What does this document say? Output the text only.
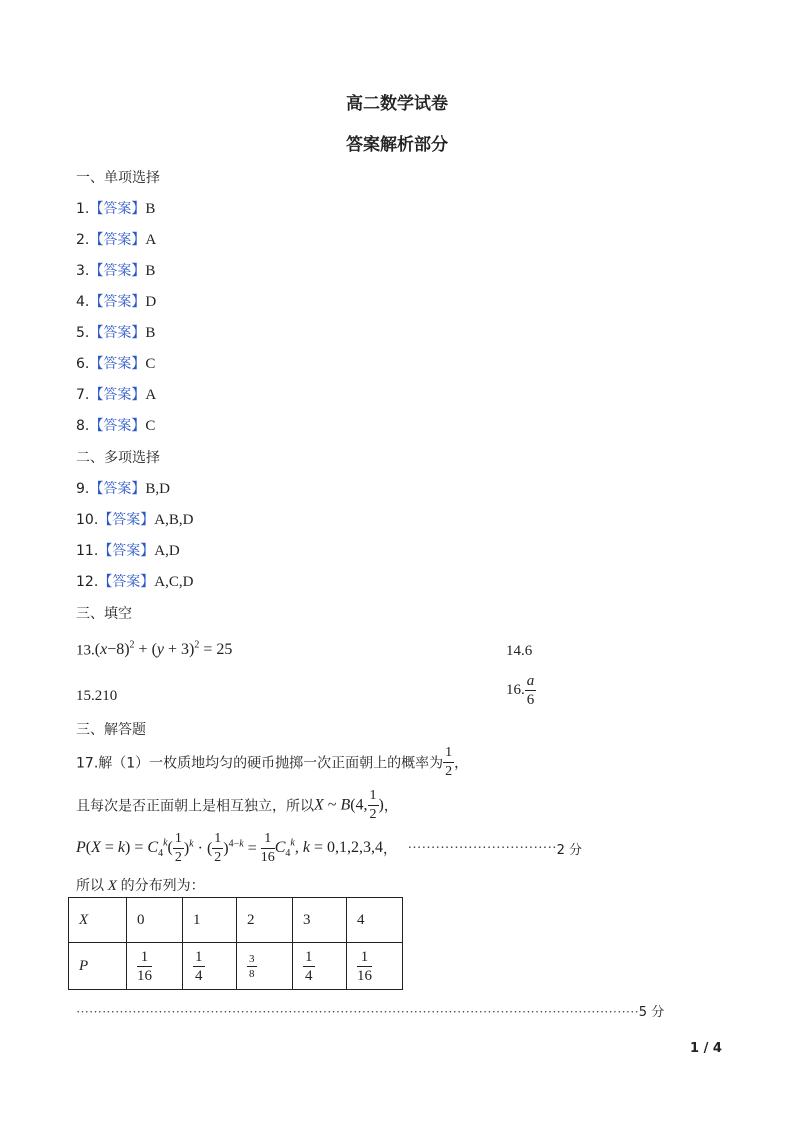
高二数学试卷
答案解析部分
一、单项选择
1.【答案】B
2.【答案】A
3.【答案】B
4.【答案】D
5.【答案】B
6.【答案】C
7.【答案】A
8.【答案】C
二、多项选择
9.【答案】B,D
10.【答案】A,B,D
11.【答案】A,D
12.【答案】A,C,D
三、填空
$13.(x-8)^2 + (y + 3)^2 = 25$	14.6
15.210	16. $\frac{a}{6}$
三、解答题
17.解（1）一枚质地均匀的硬币抛掷一次正面朝上的概率为 $\frac{1}{2}$ ，
且每次是否正面朝上是相互独立，所以X ~ B(4, $\frac{1}{2}$ )，
$P(X = k) = C_4^k( \frac{1}{2} )^k$ · ( $\frac{1}{2} )^{4-k} = \frac{1}{16} C_4^k$, k = 0,1,2,3,4， ································2 分
所以 X 的分布列为：
X	0	1	2	3	4
P	$\frac{1}{16}$	$\frac{1}{4}$	$\frac{3}{8}$	$\frac{1}{4}$	$\frac{1}{16}$
··································································································································5 分
1 / 4
